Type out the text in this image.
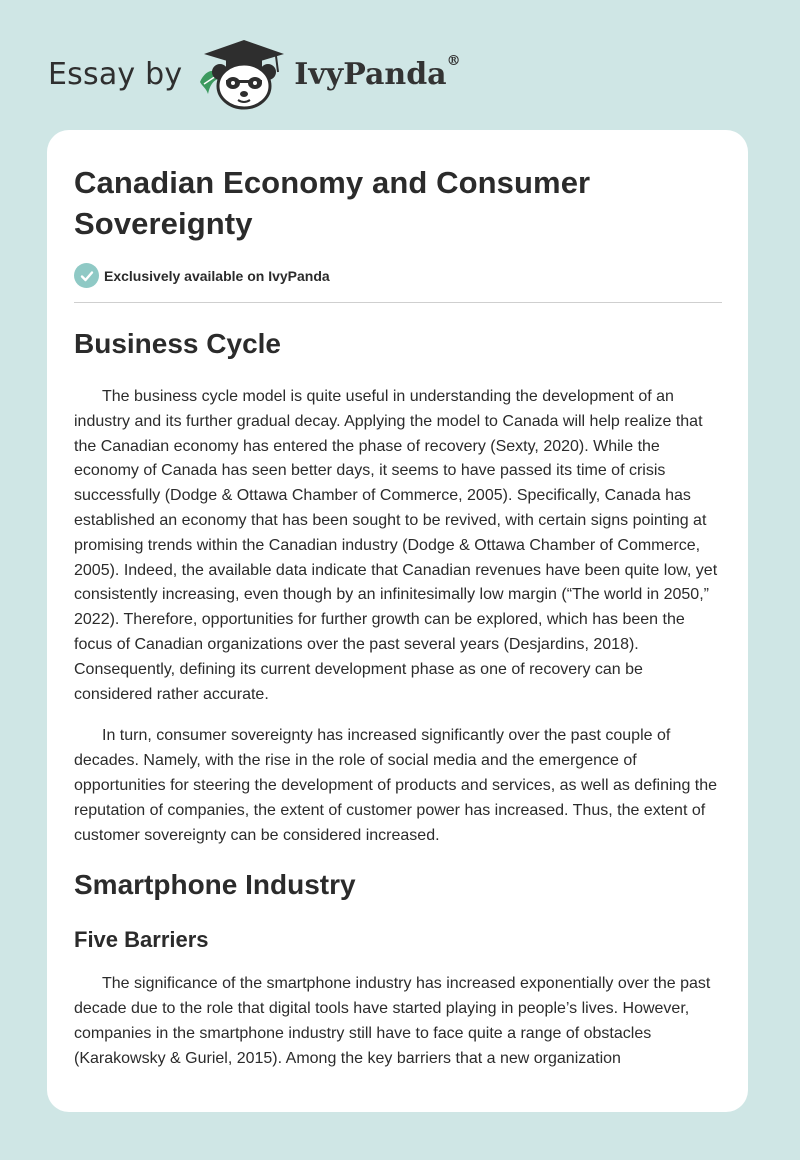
Essay by	IvyPanda®
Canadian Economy and Consumer Sovereignty
Exclusively available on IvyPanda
Business Cycle

The business cycle model is quite useful in understanding the development of an industry and its further gradual decay. Applying the model to Canada will help realize that the Canadian economy has entered the phase of recovery (Sexty, 2020). While the economy of Canada has seen better days, it seems to have passed its time of crisis successfully (Dodge & Ottawa Chamber of Commerce, 2005). Specifically, Canada has established an economy that has been sought to be revived, with certain signs pointing at promising trends within the Canadian industry (Dodge & Ottawa Chamber of Commerce, 2005). Indeed, the available data indicate that Canadian revenues have been quite low, yet consistently increasing, even though by an infinitesimally low margin (“The world in 2050,” 2022). Therefore, opportunities for further growth can be explored, which has been the focus of Canadian organizations over the past several years (Desjardins, 2018). Consequently, defining its current development phase as one of recovery can be considered rather accurate.

In turn, consumer sovereignty has increased significantly over the past couple of decades. Namely, with the rise in the role of social media and the emergence of opportunities for steering the development of products and services, as well as defining the reputation of companies, the extent of customer power has increased. Thus, the extent of customer sovereignty can be considered increased.

Smartphone Industry
Five Barriers

The significance of the smartphone industry has increased exponentially over the past decade due to the role that digital tools have started playing in people’s lives. However, companies in the smartphone industry still have to face quite a range of obstacles (Karakowsky & Guriel, 2015). Among the key barriers that a new organization
